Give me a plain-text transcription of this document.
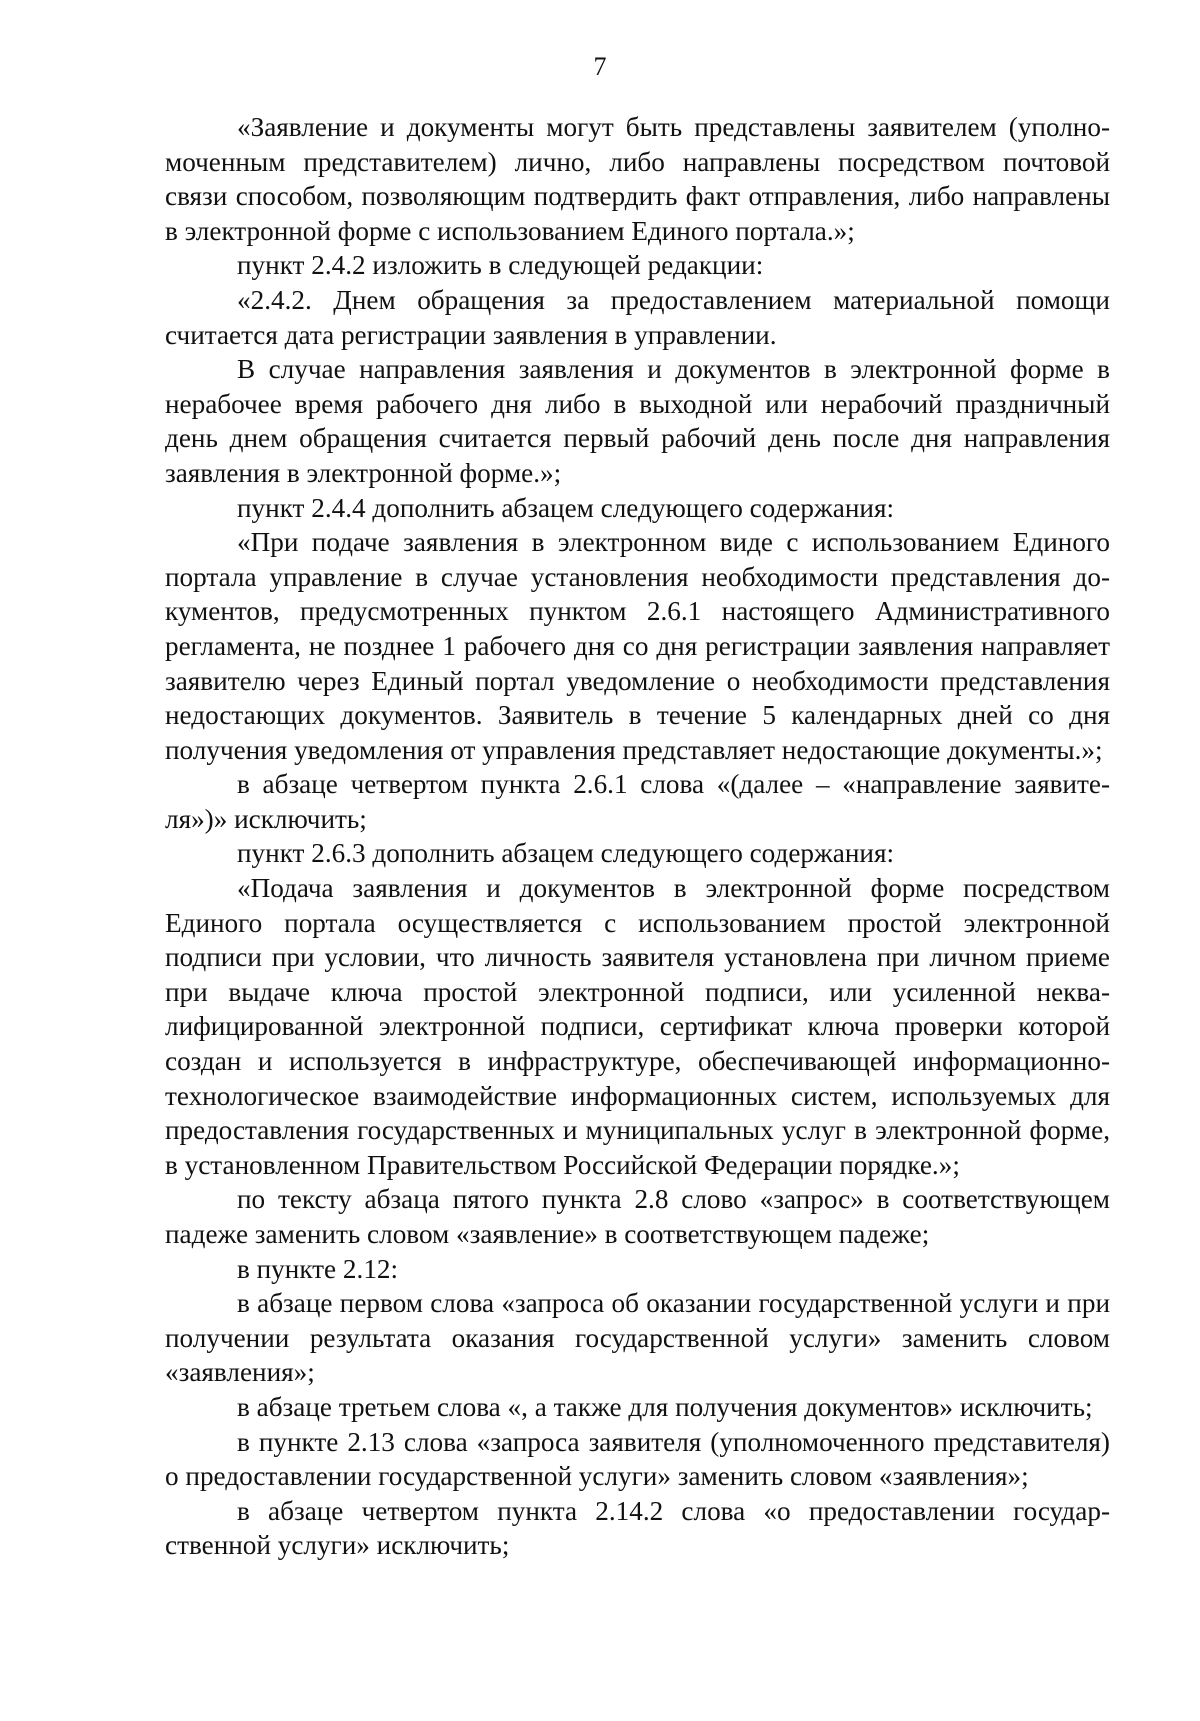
7

«Заявление и документы могут быть представлены заявителем (уполномоченным представителем) лично, либо направлены посредством почтовой связи способом, позволяющим подтвердить факт отправления, либо направлены в электронной форме с использованием Единого портала.»;

пункт 2.4.2 изложить в следующей редакции:

«2.4.2. Днем обращения за предоставлением материальной помощи считается дата регистрации заявления в управлении.

В случае направления заявления и документов в электронной форме в нерабочее время рабочего дня либо в выходной или нерабочий праздничный день днем обращения считается первый рабочий день после дня направления заявления в электронной форме.»;

пункт 2.4.4 дополнить абзацем следующего содержания:

«При подаче заявления в электронном виде с использованием Единого портала управление в случае установления необходимости представления документов, предусмотренных пунктом 2.6.1 настоящего Административного регламента, не позднее 1 рабочего дня со дня регистрации заявления направляет заявителю через Единый портал уведомление о необходимости представления недостающих документов. Заявитель в течение 5 календарных дней со дня получения уведомления от управления представляет недостающие документы.»;

в абзаце четвертом пункта 2.6.1 слова «(далее – «направление заявителя»)» исключить;

пункт 2.6.3 дополнить абзацем следующего содержания:

«Подача заявления и документов в электронной форме посредством Единого портала осуществляется с использованием простой электронной подписи при условии, что личность заявителя установлена при личном приеме при выдаче ключа простой электронной подписи, или усиленной неквалифицированной электронной подписи, сертификат ключа проверки которой создан и используется в инфраструктуре, обеспечивающей информационно-технологическое взаимодействие информационных систем, используемых для предоставления государственных и муниципальных услуг в электронной форме, в установленном Правительством Российской Федерации порядке.»;

по тексту абзаца пятого пункта 2.8 слово «запрос» в соответствующем падеже заменить словом «заявление» в соответствующем падеже;

в пункте 2.12:

в абзаце первом слова «запроса об оказании государственной услуги и при получении результата оказания государственной услуги» заменить словом «заявления»;

в абзаце третьем слова «, а также для получения документов» исключить;

в пункте 2.13 слова «запроса заявителя (уполномоченного представителя) о предоставлении государственной услуги» заменить словом «заявления»;

в абзаце четвертом пункта 2.14.2 слова «о предоставлении государственной услуги» исключить;
